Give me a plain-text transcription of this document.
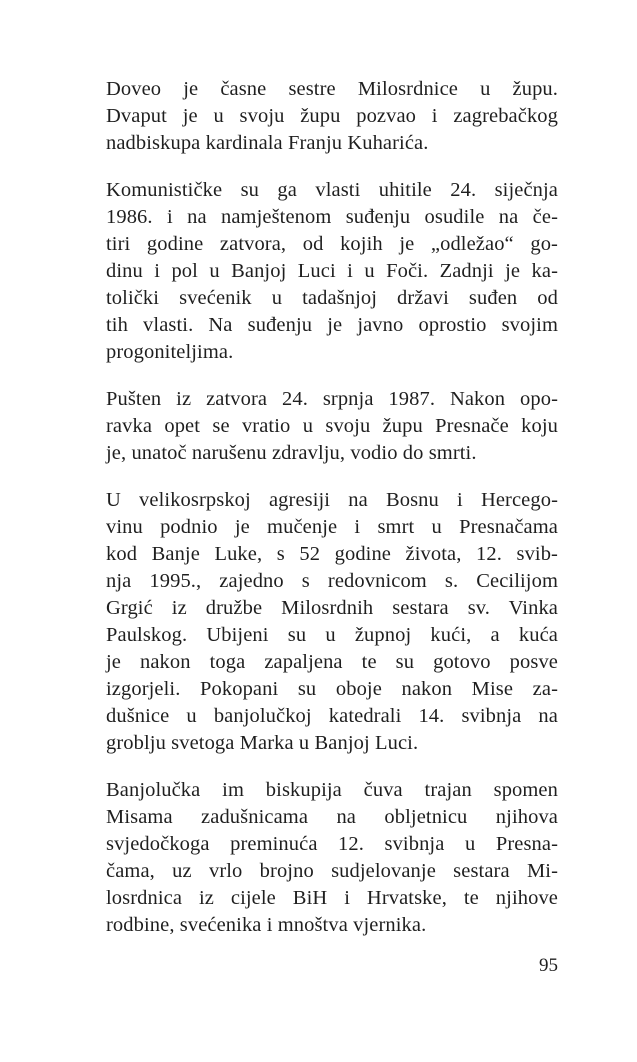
Doveo je časne sestre Milosrdnice u župu.
Dvaput je u svoju župu pozvao i zagrebačkog
nadbiskupa kardinala Franju Kuharića.
Komunističke su ga vlasti uhitile 24. siječnja
1986. i na namještenom suđenju osudile na če-
tiri godine zatvora, od kojih je „odležao“ go-
dinu i pol u Banjoj Luci i u Foči. Zadnji je ka-
tolički svećenik u tadašnjoj državi suđen od
tih vlasti. Na suđenju je javno oprostio svojim
progoniteljima.
Pušten iz zatvora 24. srpnja 1987. Nakon opo-
ravka opet se vratio u svoju župu Presnače koju
je, unatoč narušenu zdravlju, vodio do smrti.
U velikosrpskoj agresiji na Bosnu i Hercego-
vinu podnio je mučenje i smrt u Presnačama
kod Banje Luke, s 52 godine života, 12. svib-
nja 1995., zajedno s redovnicom s. Cecilijom
Grgić iz družbe Milosrdnih sestara sv. Vinka
Paulskog. Ubijeni su u župnoj kući, a kuća
je nakon toga zapaljena te su gotovo posve
izgorjeli. Pokopani su oboje nakon Mise za-
dušnice u banjolučkoj katedrali 14. svibnja na
groblju svetoga Marka u Banjoj Luci.
Banjolučka im biskupija čuva trajan spomen
Misama zadušnicama na obljetnicu njihova
svjedočkoga preminuća 12. svibnja u Presna-
čama, uz vrlo brojno sudjelovanje sestara Mi-
losrdnica iz cijele BiH i Hrvatske, te njihove
rodbine, svećenika i mnoštva vjernika.
95
